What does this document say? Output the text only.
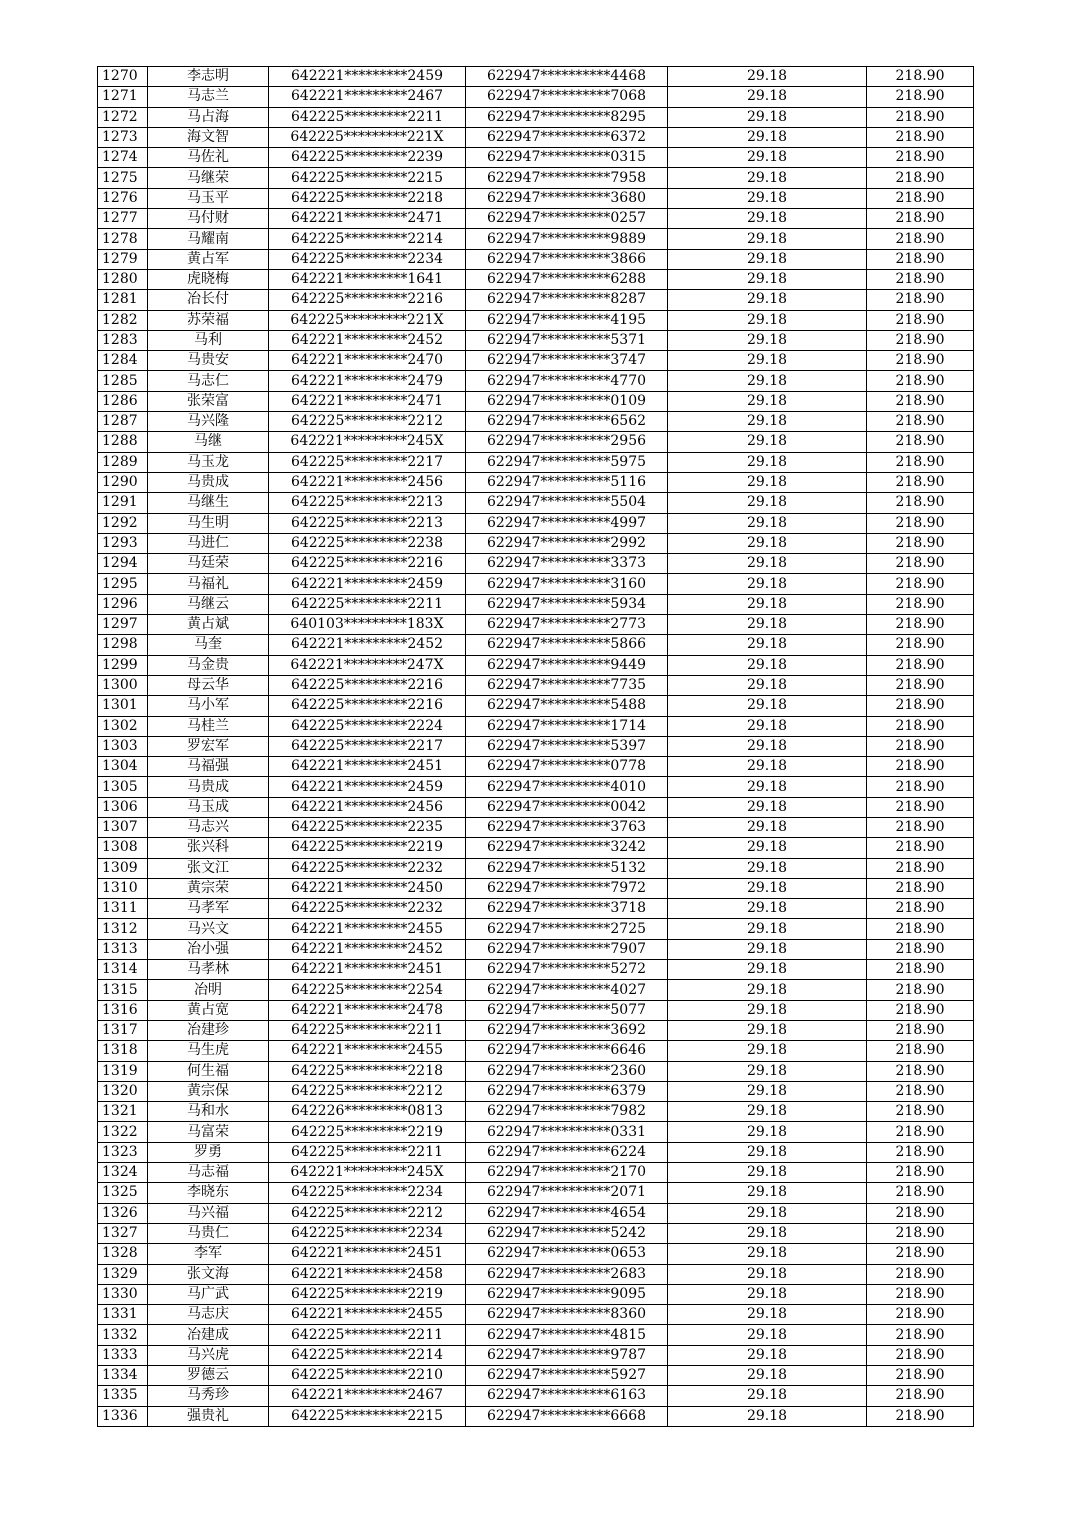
1270	李志明	642221*********2459	622947**********4468	29.18	218.90
1271	马志兰	642221*********2467	622947**********7068	29.18	218.90
1272	马占海	642225*********2211	622947**********8295	29.18	218.90
1273	海文智	642225*********221X	622947**********6372	29.18	218.90
1274	马佐礼	642225*********2239	622947**********0315	29.18	218.90
1275	马继荣	642225*********2215	622947**********7958	29.18	218.90
1276	马玉平	642225*********2218	622947**********3680	29.18	218.90
1277	马付财	642221*********2471	622947**********0257	29.18	218.90
1278	马耀南	642225*********2214	622947**********9889	29.18	218.90
1279	黄占军	642225*********2234	622947**********3866	29.18	218.90
1280	虎晓梅	642221*********1641	622947**********6288	29.18	218.90
1281	冶长付	642225*********2216	622947**********8287	29.18	218.90
1282	苏荣福	642225*********221X	622947**********4195	29.18	218.90
1283	马利	642221*********2452	622947**********5371	29.18	218.90
1284	马贵安	642221*********2470	622947**********3747	29.18	218.90
1285	马志仁	642221*********2479	622947**********4770	29.18	218.90
1286	张荣富	642221*********2471	622947**********0109	29.18	218.90
1287	马兴隆	642225*********2212	622947**********6562	29.18	218.90
1288	马继	642221*********245X	622947**********2956	29.18	218.90
1289	马玉龙	642225*********2217	622947**********5975	29.18	218.90
1290	马贵成	642221*********2456	622947**********5116	29.18	218.90
1291	马继生	642225*********2213	622947**********5504	29.18	218.90
1292	马生明	642225*********2213	622947**********4997	29.18	218.90
1293	马进仁	642225*********2238	622947**********2992	29.18	218.90
1294	马廷荣	642225*********2216	622947**********3373	29.18	218.90
1295	马福礼	642221*********2459	622947**********3160	29.18	218.90
1296	马继云	642225*********2211	622947**********5934	29.18	218.90
1297	黄占斌	640103*********183X	622947**********2773	29.18	218.90
1298	马奎	642221*********2452	622947**********5866	29.18	218.90
1299	马金贵	642221*********247X	622947**********9449	29.18	218.90
1300	母云华	642225*********2216	622947**********7735	29.18	218.90
1301	马小军	642225*********2216	622947**********5488	29.18	218.90
1302	马桂兰	642225*********2224	622947**********1714	29.18	218.90
1303	罗宏军	642225*********2217	622947**********5397	29.18	218.90
1304	马福强	642221*********2451	622947**********0778	29.18	218.90
1305	马贵成	642221*********2459	622947**********4010	29.18	218.90
1306	马玉成	642221*********2456	622947**********0042	29.18	218.90
1307	马志兴	642225*********2235	622947**********3763	29.18	218.90
1308	张兴科	642225*********2219	622947**********3242	29.18	218.90
1309	张文江	642225*********2232	622947**********5132	29.18	218.90
1310	黄宗荣	642221*********2450	622947**********7972	29.18	218.90
1311	马孝军	642225*********2232	622947**********3718	29.18	218.90
1312	马兴文	642221*********2455	622947**********2725	29.18	218.90
1313	冶小强	642221*********2452	622947**********7907	29.18	218.90
1314	马孝林	642221*********2451	622947**********5272	29.18	218.90
1315	冶明	642225*********2254	622947**********4027	29.18	218.90
1316	黄占宽	642221*********2478	622947**********5077	29.18	218.90
1317	冶建珍	642225*********2211	622947**********3692	29.18	218.90
1318	马生虎	642221*********2455	622947**********6646	29.18	218.90
1319	何生福	642225*********2218	622947**********2360	29.18	218.90
1320	黄宗保	642225*********2212	622947**********6379	29.18	218.90
1321	马和水	642226*********0813	622947**********7982	29.18	218.90
1322	马富荣	642225*********2219	622947**********0331	29.18	218.90
1323	罗勇	642225*********2211	622947**********6224	29.18	218.90
1324	马志福	642221*********245X	622947**********2170	29.18	218.90
1325	李晓东	642225*********2234	622947**********2071	29.18	218.90
1326	马兴福	642225*********2212	622947**********4654	29.18	218.90
1327	马贵仁	642225*********2234	622947**********5242	29.18	218.90
1328	李军	642221*********2451	622947**********0653	29.18	218.90
1329	张文海	642221*********2458	622947**********2683	29.18	218.90
1330	马广武	642225*********2219	622947**********9095	29.18	218.90
1331	马志庆	642221*********2455	622947**********8360	29.18	218.90
1332	冶建成	642225*********2211	622947**********4815	29.18	218.90
1333	马兴虎	642225*********2214	622947**********9787	29.18	218.90
1334	罗德云	642225*********2210	622947**********5927	29.18	218.90
1335	马秀珍	642221*********2467	622947**********6163	29.18	218.90
1336	强贵礼	642225*********2215	622947**********6668	29.18	218.90
